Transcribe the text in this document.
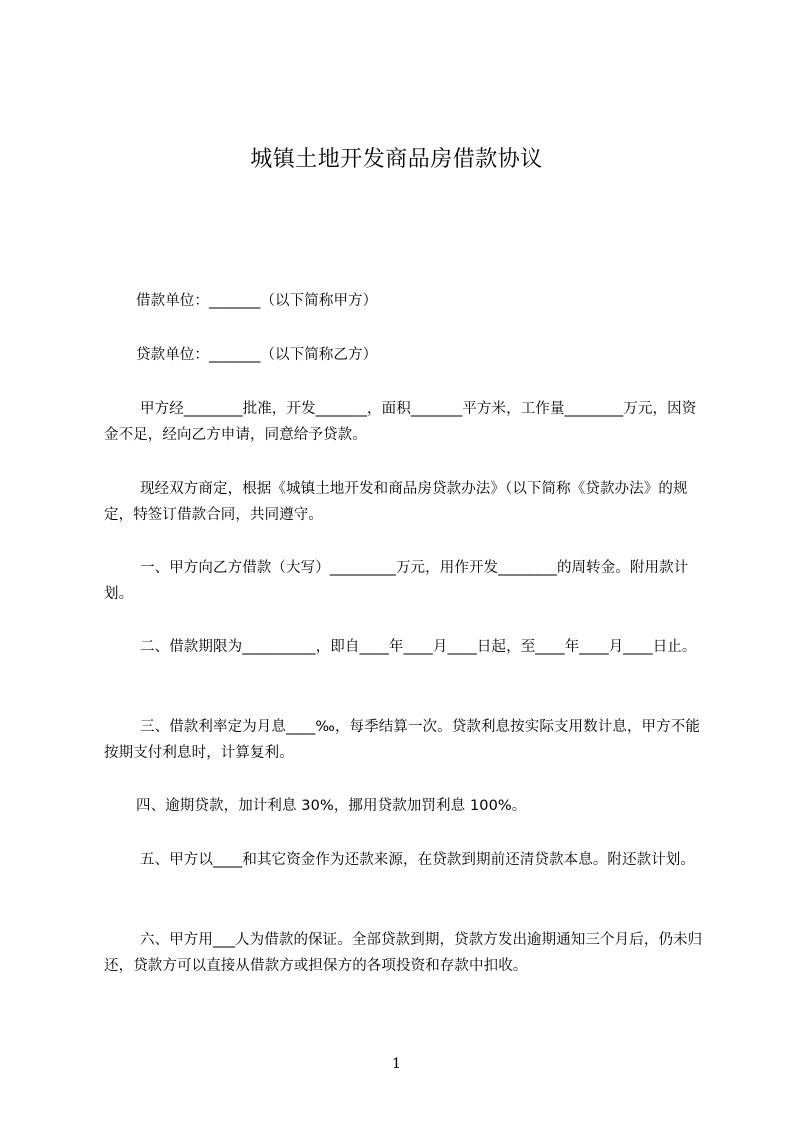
城镇土地开发商品房借款协议
借款单位：_______（以下简称甲方）
贷款单位：_______（以下简称乙方）
甲方经________批准，开发_______，面积_______平方米，工作量________万元，因资金不足，经向乙方申请，同意给予贷款。
现经双方商定，根据《城镇土地开发和商品房贷款办法》（以下简称《贷款办法》的规定，特签订借款合同，共同遵守。
一、甲方向乙方借款（大写）_________万元，用作开发________的周转金。附用款计划。
二、借款期限为__________，即自____年____月____日起，至____年____月____日止。
三、借款利率定为月息____‰，每季结算一次。贷款利息按实际支用数计息，甲方不能按期支付利息时，计算复利。
四、逾期贷款，加计利息 30%，挪用贷款加罚利息 100%。
五、甲方以____和其它资金作为还款来源，在贷款到期前还清贷款本息。附还款计划。
六、甲方用___人为借款的保证。全部贷款到期，贷款方发出逾期通知三个月后，仍未归还，贷款方可以直接从借款方或担保方的各项投资和存款中扣收。
1
